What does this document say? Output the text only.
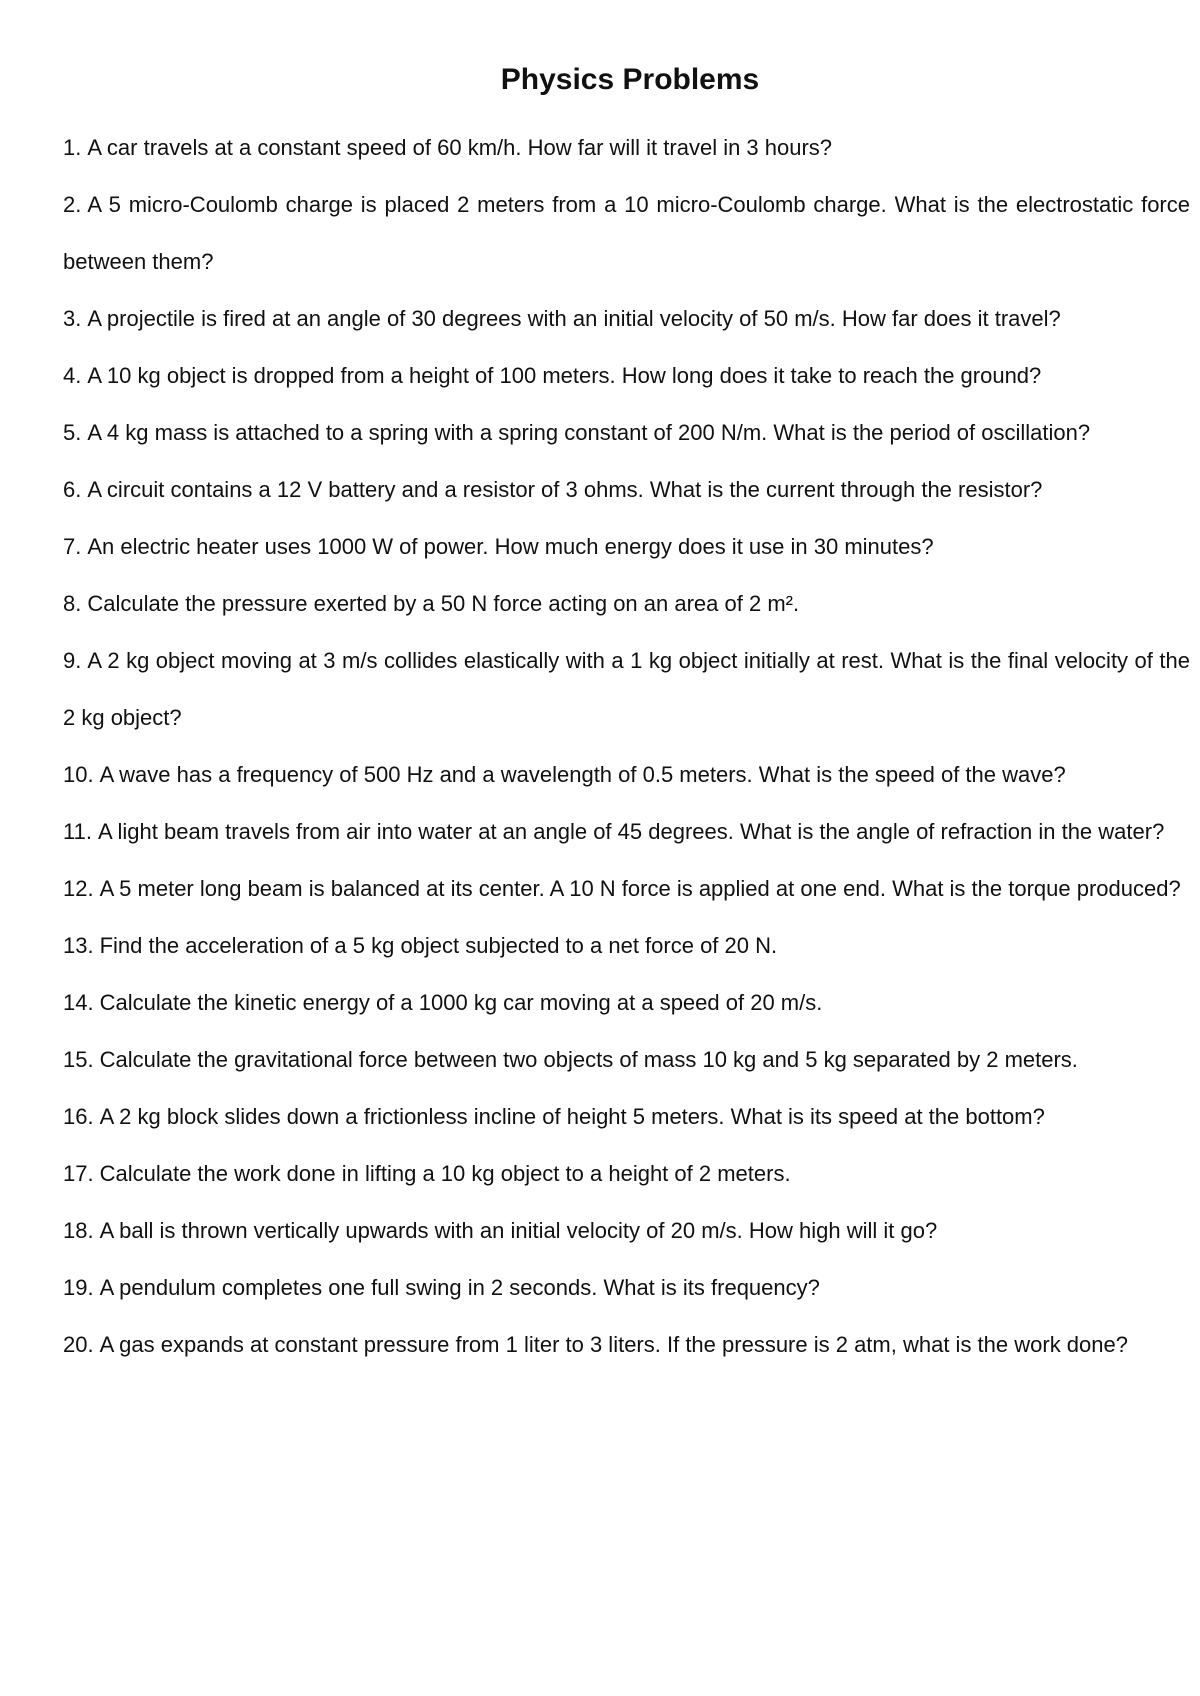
Physics Problems
1. A car travels at a constant speed of 60 km/h. How far will it travel in 3 hours?
2. A 5 micro-Coulomb charge is placed 2 meters from a 10 micro-Coulomb charge. What is the electrostatic force between them?
3. A projectile is fired at an angle of 30 degrees with an initial velocity of 50 m/s. How far does it travel?
4. A 10 kg object is dropped from a height of 100 meters. How long does it take to reach the ground?
5. A 4 kg mass is attached to a spring with a spring constant of 200 N/m. What is the period of oscillation?
6. A circuit contains a 12 V battery and a resistor of 3 ohms. What is the current through the resistor?
7. An electric heater uses 1000 W of power. How much energy does it use in 30 minutes?
8. Calculate the pressure exerted by a 50 N force acting on an area of 2 m².
9. A 2 kg object moving at 3 m/s collides elastically with a 1 kg object initially at rest. What is the final velocity of the 2 kg object?
10. A wave has a frequency of 500 Hz and a wavelength of 0.5 meters. What is the speed of the wave?
11. A light beam travels from air into water at an angle of 45 degrees. What is the angle of refraction in the water?
12. A 5 meter long beam is balanced at its center. A 10 N force is applied at one end. What is the torque produced?
13. Find the acceleration of a 5 kg object subjected to a net force of 20 N.
14. Calculate the kinetic energy of a 1000 kg car moving at a speed of 20 m/s.
15. Calculate the gravitational force between two objects of mass 10 kg and 5 kg separated by 2 meters.
16. A 2 kg block slides down a frictionless incline of height 5 meters. What is its speed at the bottom?
17. Calculate the work done in lifting a 10 kg object to a height of 2 meters.
18. A ball is thrown vertically upwards with an initial velocity of 20 m/s. How high will it go?
19. A pendulum completes one full swing in 2 seconds. What is its frequency?
20. A gas expands at constant pressure from 1 liter to 3 liters. If the pressure is 2 atm, what is the work done?
